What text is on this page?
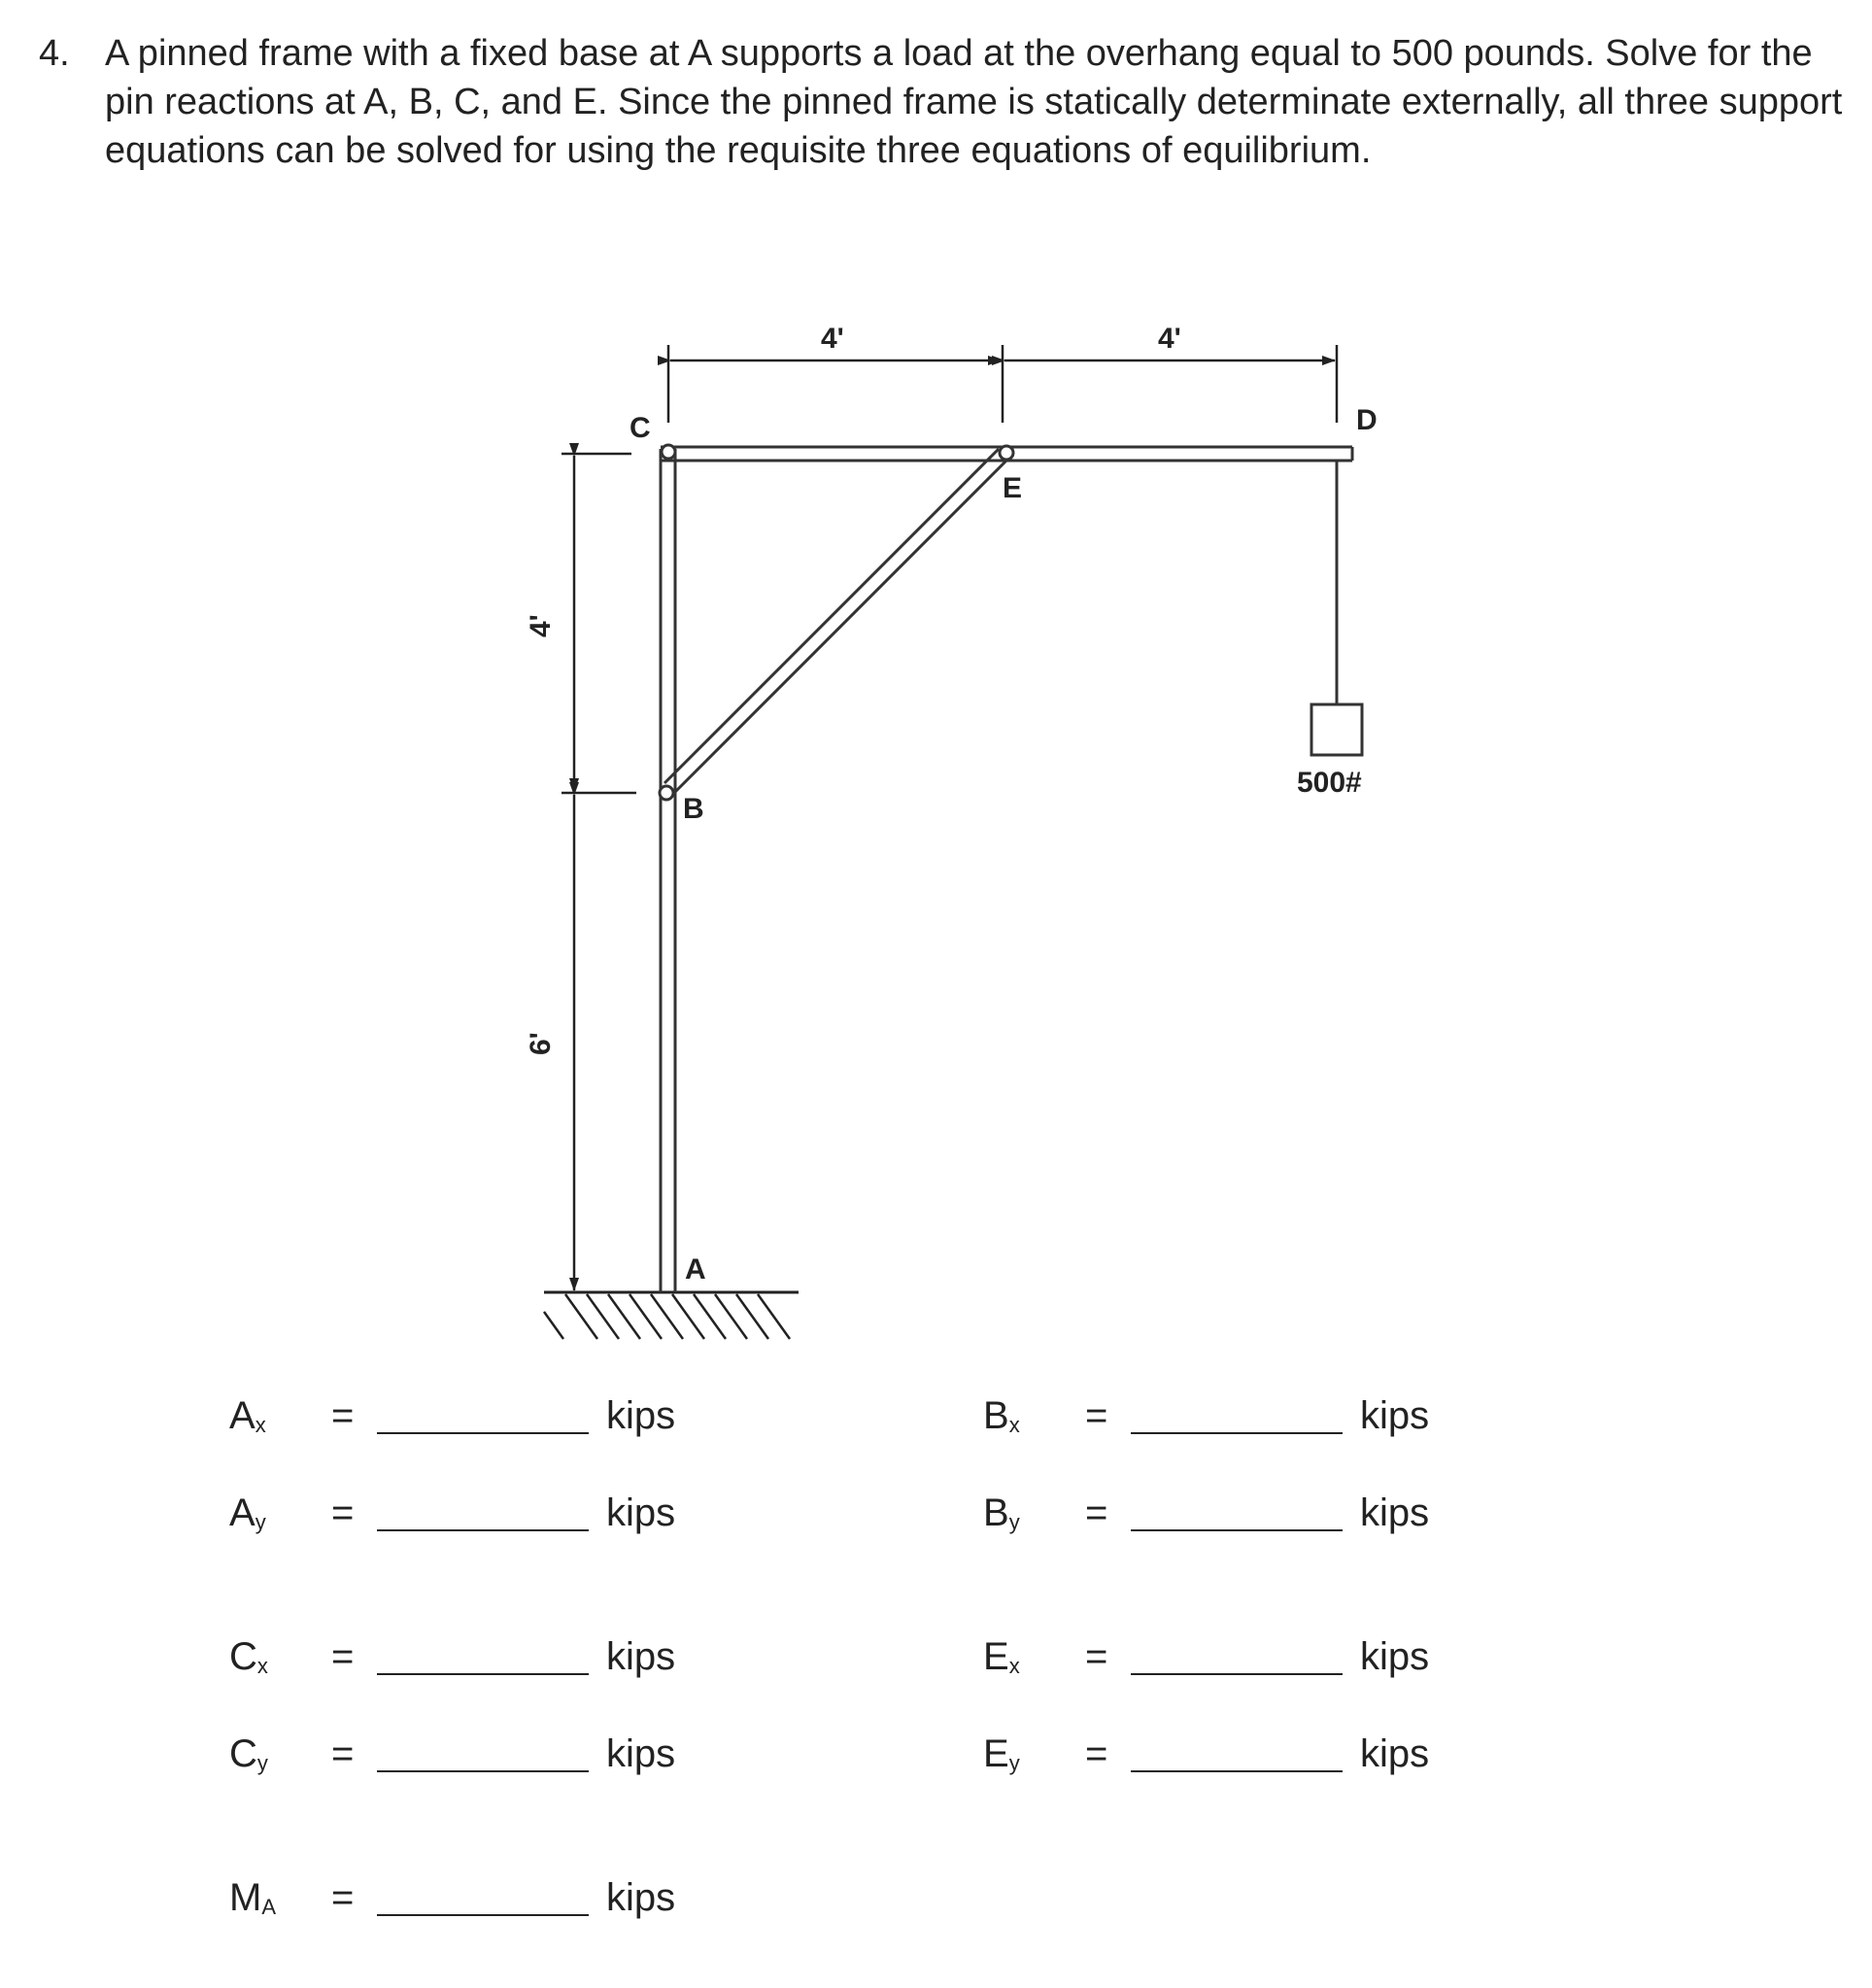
4. A pinned frame with a fixed base at A supports a load at the overhang equal to 500 pounds. Solve for the pin reactions at A, B, C, and E. Since the pinned frame is statically determinate externally, all three support equations can be solved for using the requisite three equations of equilibrium.
C	D
E
B
A
500#
4'	4'
4'
6'
$A_x$ =	kips
$A_y$ =	kips
$C_x$ =	kips
$C_y$ =	kips
$M_A$ =	kips
$B_x$ =	kips
$B_y$ =	kips
$E_x$ =	kips
$E_y$ =	kips
